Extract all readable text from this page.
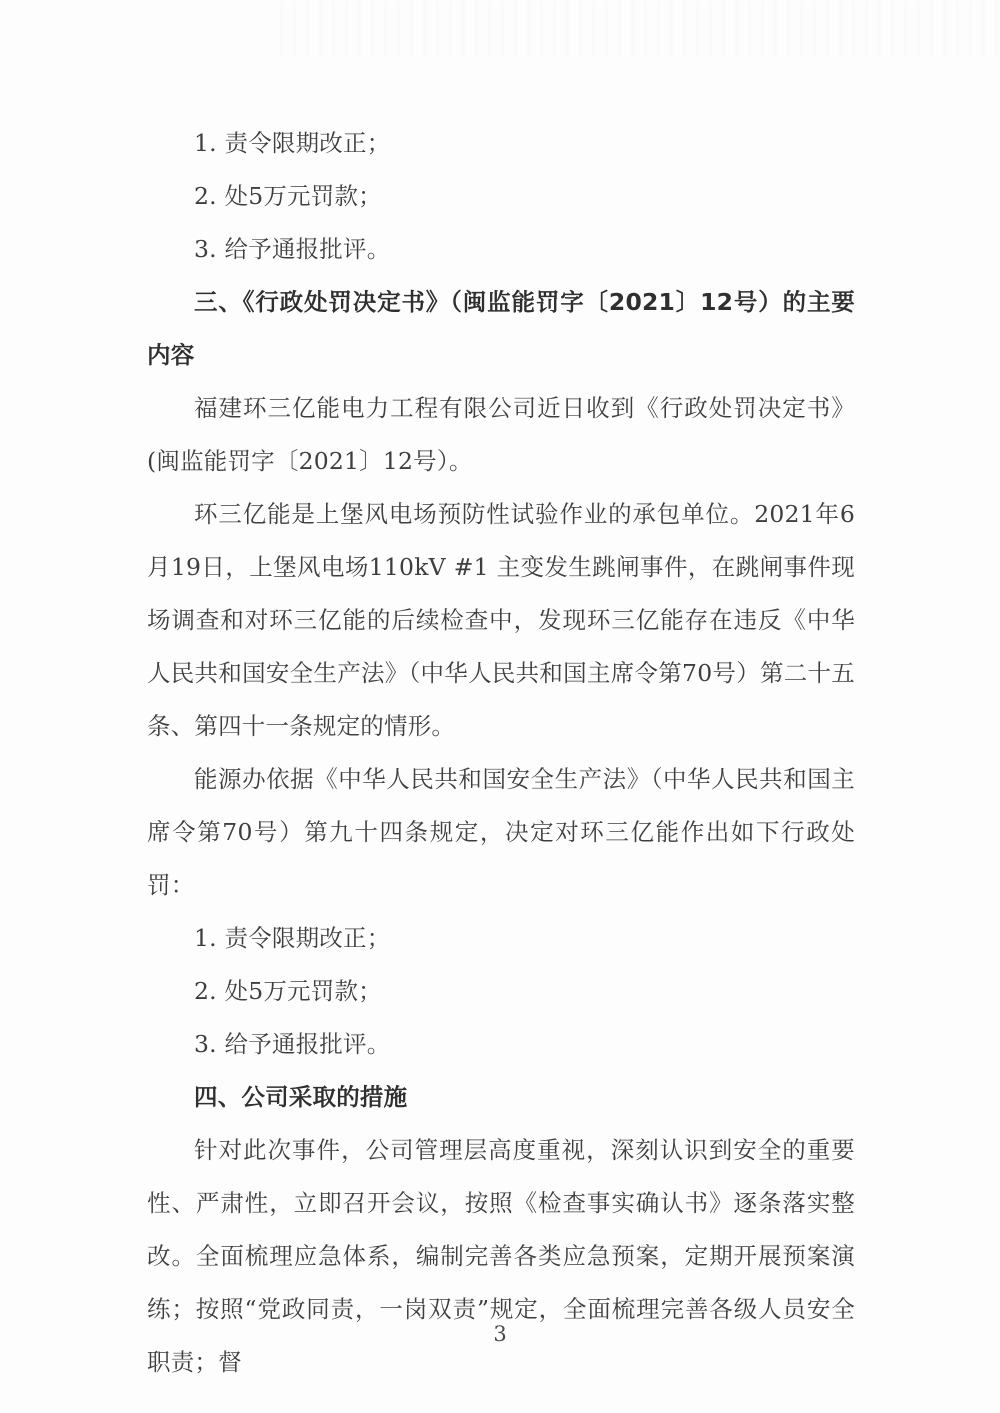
1. 责令限期改正；

2. 处5万元罚款；

3. 给予通报批评。

三、《行政处罚决定书》（闽监能罚字〔2021〕12号）的主要内容

福建环三亿能电力工程有限公司近日收到《行政处罚决定书》(闽监能罚字〔2021〕12号）。

环三亿能是上堡风电场预防性试验作业的承包单位。2021年6月19日，上堡风电场110kV #1 主变发生跳闸事件，在跳闸事件现场调查和对环三亿能的后续检查中，发现环三亿能存在违反《中华人民共和国安全生产法》（中华人民共和国主席令第70号）第二十五条、第四十一条规定的情形。

能源办依据《中华人民共和国安全生产法》（中华人民共和国主席令第70号）第九十四条规定，决定对环三亿能作出如下行政处罚：

1. 责令限期改正；

2. 处5万元罚款；

3. 给予通报批评。

四、公司采取的措施

针对此次事件，公司管理层高度重视，深刻认识到安全的重要性、严肃性，立即召开会议，按照《检查事实确认书》逐条落实整改。全面梳理应急体系，编制完善各类应急预案，定期开展预案演练；按照“党政同责，一岗双责”规定，全面梳理完善各级人员安全职责；督

3
